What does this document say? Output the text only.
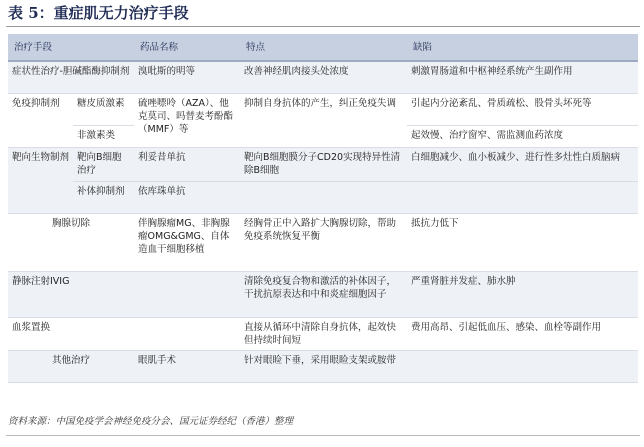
表 5：重症肌无力治疗手段
治疗手段		药品名称	特点	缺陷
症状性治疗-胆碱酯酶抑制剂		溴吡斯的明等	改善神经肌肉接头处浓度	刺激胃肠道和中枢神经系统产生副作用
免疫抑制剂	糖皮质激素	硫唑嘌呤（AZA）、他克莫司、吗替麦考酚酯（MMF）等	抑制自身抗体的产生，纠正免疫失调	引起内分泌紊乱、骨质疏松、股骨头坏死等
	非激素类			起效慢、治疗窗窄、需监测血药浓度
靶向生物制剂	靶向B细胞治疗	利妥昔单抗	靶向B细胞膜分子CD20实现特异性清除B细胞	白细胞减少、血小板减少、进行性多灶性白质脑病
	补体抑制剂	依库珠单抗		
胸腺切除		伴胸腺瘤MG、非胸腺瘤OMG&GMG、自体造血干细胞移植	经胸骨正中入路扩大胸腺切除，帮助免疫系统恢复平衡	抵抗力低下
静脉注射IVIG			清除免疫复合物和激活的补体因子，干扰抗原表达和中和炎症细胞因子	严重肾脏并发症、肺水肿
血浆置换			直接从循环中清除自身抗体，起效快但持续时间短	费用高昂、引起低血压、感染、血栓等副作用
其他治疗		眼肌手术	针对眼睑下垂，采用眼睑支架或胺带	
资料来源：中国免疫学会神经免疫分会、国元证券经纪（香港）整理
